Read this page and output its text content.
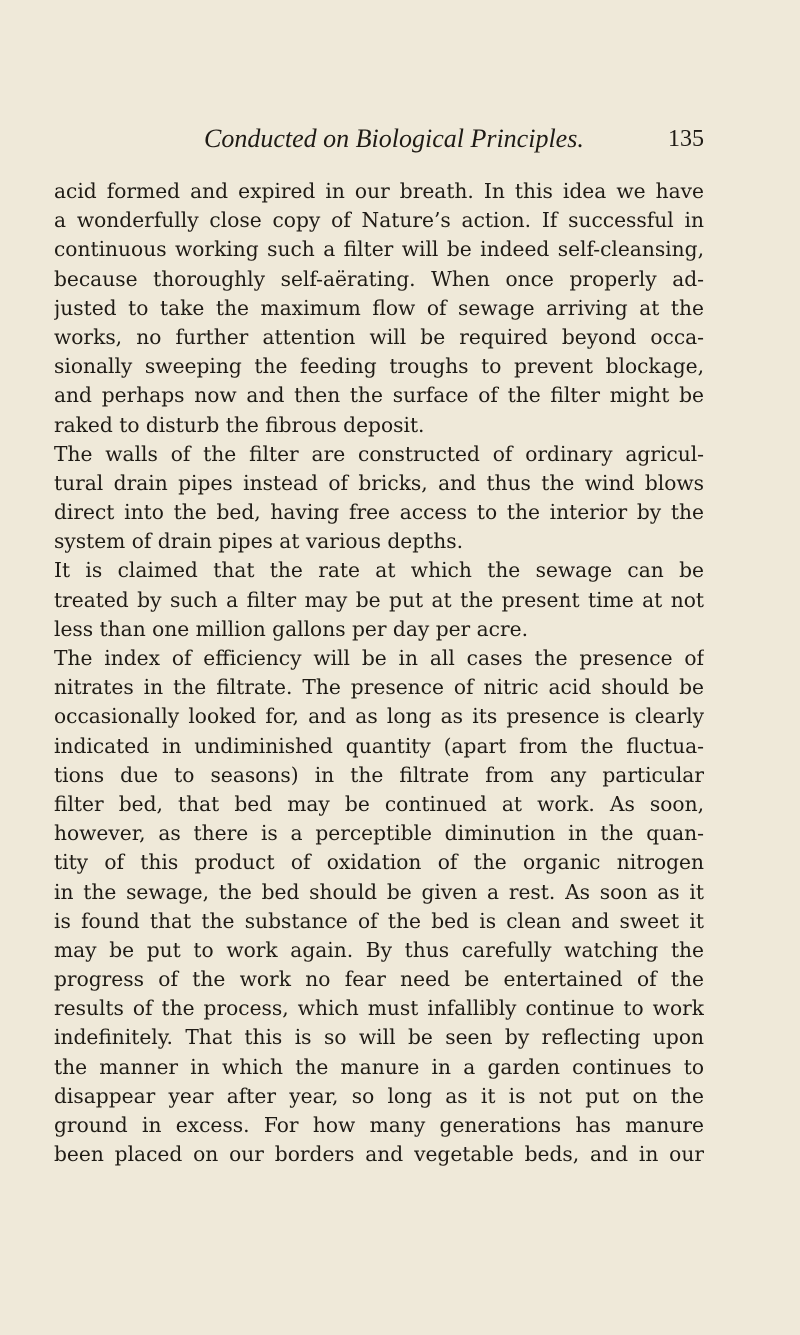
Conducted on Biological Principles.	135
acid formed and expired in our breath. In this idea we have
a wonderfully close copy of Nature’s action. If successful in
continuous working such a filter will be indeed self-cleansing,
because thoroughly self-aërating. When once properly ad-
justed to take the maximum flow of sewage arriving at the
works, no further attention will be required beyond occa-
sionally sweeping the feeding troughs to prevent blockage,
and perhaps now and then the surface of the filter might be
raked to disturb the fibrous deposit.
The walls of the filter are constructed of ordinary agricul-
tural drain pipes instead of bricks, and thus the wind blows
direct into the bed, having free access to the interior by the
system of drain pipes at various depths.
It is claimed that the rate at which the sewage can be
treated by such a filter may be put at the present time at not
less than one million gallons per day per acre.
The index of efficiency will be in all cases the presence of
nitrates in the filtrate. The presence of nitric acid should be
occasionally looked for, and as long as its presence is clearly
indicated in undiminished quantity (apart from the fluctua-
tions due to seasons) in the filtrate from any particular
filter bed, that bed may be continued at work. As soon,
however, as there is a perceptible diminution in the quan-
tity of this product of oxidation of the organic nitrogen
in the sewage, the bed should be given a rest. As soon as it
is found that the substance of the bed is clean and sweet it
may be put to work again. By thus carefully watching the
progress of the work no fear need be entertained of the
results of the process, which must infallibly continue to work
indefinitely. That this is so will be seen by reflecting upon
the manner in which the manure in a garden continues to
disappear year after year, so long as it is not put on the
ground in excess. For how many generations has manure
been placed on our borders and vegetable beds, and in our
